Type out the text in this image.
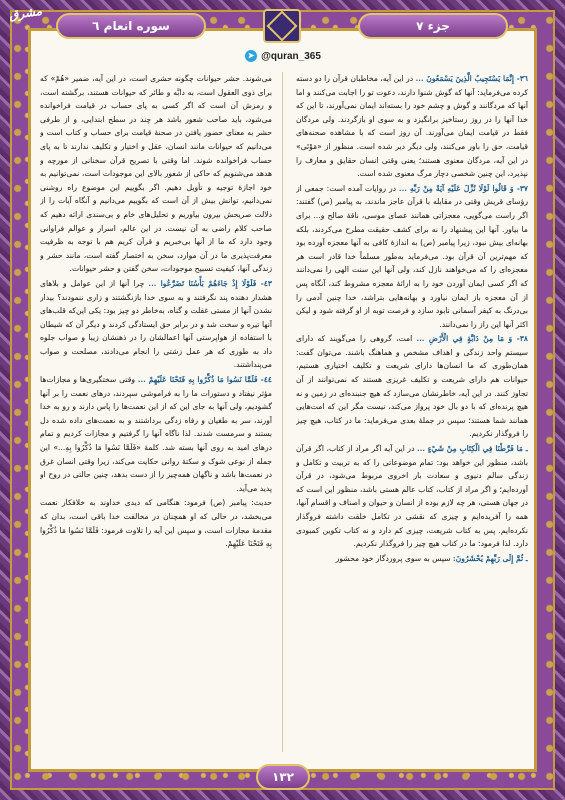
مشرق
جزء ۷
سوره انعام ٦
➤ @quran_365

٣٦- إِنَّمَا يَسْتَجِيبُ الَّذِينَ يَسْمَعُونَ ... در این آیه، مخاطبان قرآن را دو دسته کرده می‌فرماید: آنها که گوش شنوا دارند، دعوت تو را اجابت می‌کنند و اما آنها که مردگانند و گوش و چشم خود را بسته‌اند ایمان نمی‌آورند، تا این که خدا آنها را در روز رستاخیز برانگیزد و به سوی او بازگردند. ولی مردگان فقط در قیامت ایمان می‌آورند. آن روز است که با مشاهده صحنه‌های قیامت، حق را باور می‌کنند، ولی دیگر دیر شده است. منظور از «مَوْتَى» در این آیه، مردگان معنوی هستند؛ یعنی وقتی انسان حقایق و معارف را نپذیرد، این چنین شخصی دچار مرگ معنوی شده است.

٣٧- وَ قَالُوا لَوْلَا نُزِّلَ عَلَيْهِ آيَةٌ مِنْ رَبِّهِ ... در روایات آمده است: جمعی از رؤسای قریش وقتی در مقابله با قرآن عاجز ماندند، به پیامبر (ص) گفتند: اگر راست می‌گویی، معجزاتی همانند عصای موسی، ناقهٔ صالح و... برای ما بیاور. آنها این پیشنهاد را نه برای کشف حقیقت مطرح می‌کردند، بلکه بهانه‌ای بیش نبود، زیرا پیامبر (ص) به اندازهٔ کافی به آنها معجزه آورده بود که مهم‌ترین آن قرآن بود. می‌فرماید به‌طور مسلماً خدا قادر است هر معجزه‌ای را که می‌خواهند نازل کند، ولی آنها این سنت الهی را نمی‌دانند که اگر کسی ایمان آوردن خود را به ارائهٔ معجزه مشروط کند، آنگاه پس از آن معجزه باز ایمان نیاورد و بهانه‌هایی بتراشد، خدا چنین آدمی را بی‌درنگ به کیفر آسمانی نابود سازد و فرصت توبه از او گرفته شود و لیکن اکثر آنها این راز را نمی‌دانند.

٣٨- وَ مَا مِنْ دَابَّةٍ فِي الْأَرْضِ ... امت، گروهی را می‌گویند که دارای سیستم واحد زندگی و اهداف مشخص و هماهنگ باشند. می‌توان گفت: همان‌طوری که ما انسان‌ها دارای شریعت و تکلیف اختیاری هستیم، حیوانات هم دارای شریعت و تکلیف غریزی هستند که نمی‌توانند از آن تجاوز کنند. در این آیه، خاطرنشان می‌سازد که هیچ جنبنده‌ای در زمین و نه هیچ پرنده‌ای که با دو بال خود پرواز می‌کند، نیست مگر این که امت‌هایی همانند شما هستند؛ سپس در جملهٔ بعدی می‌فرماید: ما در کتاب، هیچ چیز را فروگذار نکردیم.

ـ مَا فَرَّطْنَا فِي الْكِتَابِ مِنْ شَيْءٍ ... در این آیه اگر مراد از کتاب، اگر قرآن باشد، منظور این خواهد بود: تمام موضوعاتی را که به تربیت و تکامل و زندگی سالم دنیوی و سعادت بار اخروی مربوط می‌شود، در قرآن آورده‌ایم؛ و اگر مراد از کتاب، کتاب عالم هستی باشد، منظور این است که در جهان هستی، هر چه لازم بوده از انسان و حیوان و اصناف و اقسام آنها، همه را آفریده‌ایم و چیزی که نقشی در تکامل خلقت داشته فروگذار نکرده‌ایم. پس به کتاب شریعت، چیزی کم دارد و نه کتاب تکوین کمبودی دارد. لذا فرمود: ما در کتاب هیچ چیز را فروگذار نکردیم.

ـ ثُمَّ إِلَى رَبِّهِمْ يُحْشَرُونَ: سپس به سوی پروردگار خود محشور

می‌شوند. حشر حیوانات چگونه حشری است، در این آیه، ضمیر «هُمْ» که برای ذوی العقول است، به دابَّه و طائر که حیوانات هستند، برگشته است، و رمزش آن است که اگر کسی به پای حساب در قیامت فراخوانده می‌شود، باید صاحب شعور باشد هر چند در سطح ابتدایی، و از طرفی حشر به معنای حضور یافتن در صحنهٔ قیامت برای حساب و کتاب است و می‌دانیم که حیوانات مانند انسان، عقل و اختیار و تکلیف ندارند تا به پای حساب فراخوانده شوند. اما وقتی با تصریح قرآن سخنانی از مورچه و هدهد می‌شنویم که حاکی از شعور بالای این موجودات است، نمی‌توانیم به‌ خود اجازهٔ توجیه و تأویل دهیم. اگر بگوییم این موضوع راه روشنی نمی‌دانیم، توانش بیش از آن است که بگوییم می‌دانیم و آنگاه آیات را از دلالت صریحش بیرون بیاوریم و تحلیل‌های خام و بی‌سندی ارائه دهیم که صاحب کلام راضی به آن نیست. در این عالم، اسرار و عوالم فراوانی وجود دارد که ما از آنها بی‌خبریم و قرآن کریم هم با توجه به ظرفیت معرفت‌پذیری ما در آن موارد، سخن به اختصار گفته است، مانند حشر و زندگی آنها، کیفیت تسبیح موجودات، سخن گفتن و حشر حیوانات.

٤٣- فَلَوْلَا إِذْ جَاءَهُمْ بَأْسُنَا تَضَرَّعُوا ... چرا آنها از این عوامل و بلاهای هشدار دهنده پند نگرفتند و به سوی خدا بازنگشتند و زاری ننمودند؟ بیدار نشدن آنها از مستی غفلت و گناه، به‌خاطر دو چیز بود: یکی این‌که قلب‌های آنها تیره و سخت شد و در برابر حق ایستادگی کردند و دیگر آن که شیطان با استفاده از هواپرستی آنها اعمالشان را در ذهنشان زیبا و صواب جلوه داد به طوری که هر عمل زشتی را انجام می‌دادند، مصلحت و صواب می‌پنداشتند.

٤٤- فَلَمَّا نَسُوا مَا ذُكِّرُوا بِهِ فَتَحْنَا عَلَيْهِمْ ... وقتی سختگیری‌ها و مجازات‌ها مؤثر نیفتاد و دستورات ما را به فراموشی سپردند، درهای نعمت را بر آنها گشودیم، ولی آنها به جای این که از این نعمت‌ها را پاس دارند و رو به خدا آورند، سر به طغیان و رفاه زدگی برداشتند و به نعمت‌های داده شده دل بستند و سرمست شدند. لذا ناگاه آنها را گرفتیم و مجازات کردیم و تمام درهای امید به روی آنها بسته شد. کلمهٔ «فَلَمَّا نَسُوا مَا ذُكِّرُوا بِهِ...» این جمله از نوعی شوک و سکتهٔ روانی حکایت می‌کند، زیرا وقتی انسان غرق در نعمت‌ها باشد و ناگهان همه‌چیز را از دست بدهد، چنین حالتی در روح او پدید می‌آید.

حدیث: پیامبر (ص) فرمود: هنگامی که دیدی خداوند به خلافکار نعمت می‌بخشد، در حالی که او همچنان در مخالفت خدا باقی است، بدان که مقدمهٔ مجازات است، و سپس این آیه را تلاوت فرمود: فَلَمَّا نَسُوا مَا ذُكِّرُوا بِهِ فَتَحْنَا عَلَيْهِمْ.

۱۳۲
